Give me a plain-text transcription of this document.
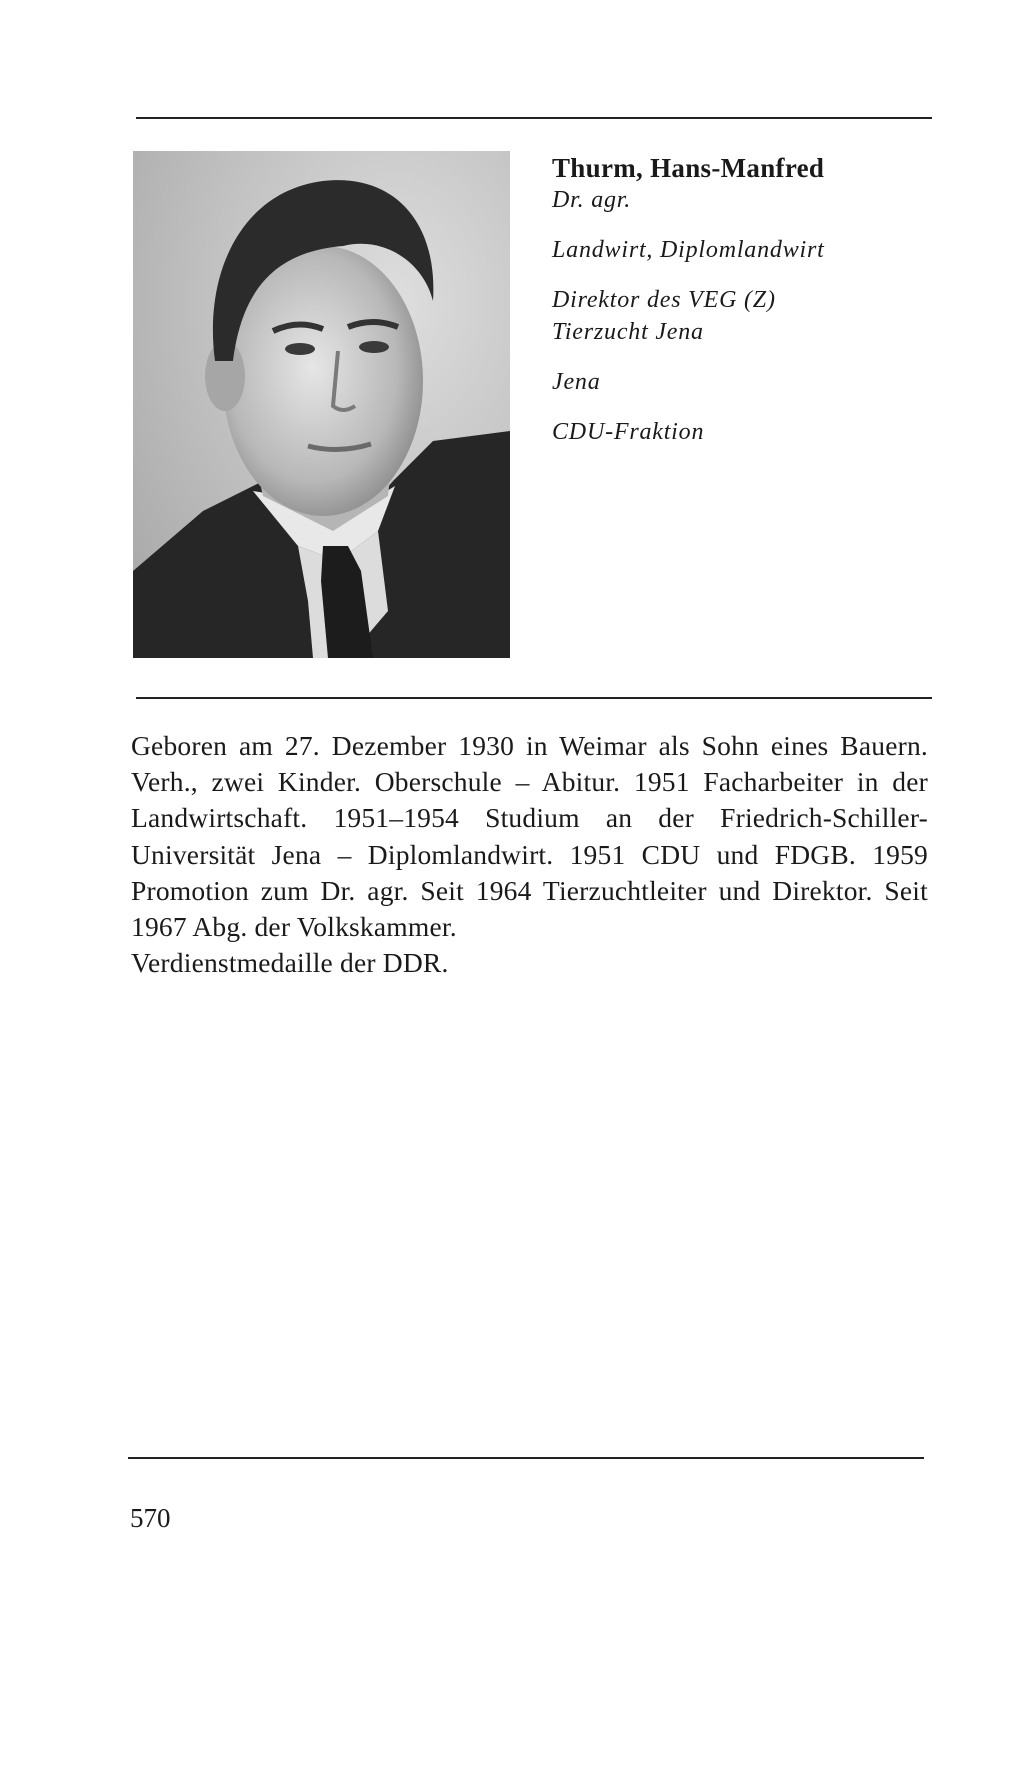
Thurm, Hans-Manfred

Dr. agr.

Landwirt, Diplomlandwirt

Direktor des VEG (Z)

Tierzucht Jena

Jena

CDU-Fraktion

Geboren am 27. Dezember 1930 in Weimar als Sohn eines Bauern. Verh., zwei Kinder. Oberschule – Abitur. 1951 Facharbeiter in der Landwirtschaft. 1951–1954 Studium an der Friedrich-Schiller-Universität Jena – Diplomlandwirt. 1951 CDU und FDGB. 1959 Promotion zum Dr. agr. Seit 1964 Tierzuchtleiter und Direktor. Seit 1967 Abg. der Volkskammer.

Verdienstmedaille der DDR.

570
